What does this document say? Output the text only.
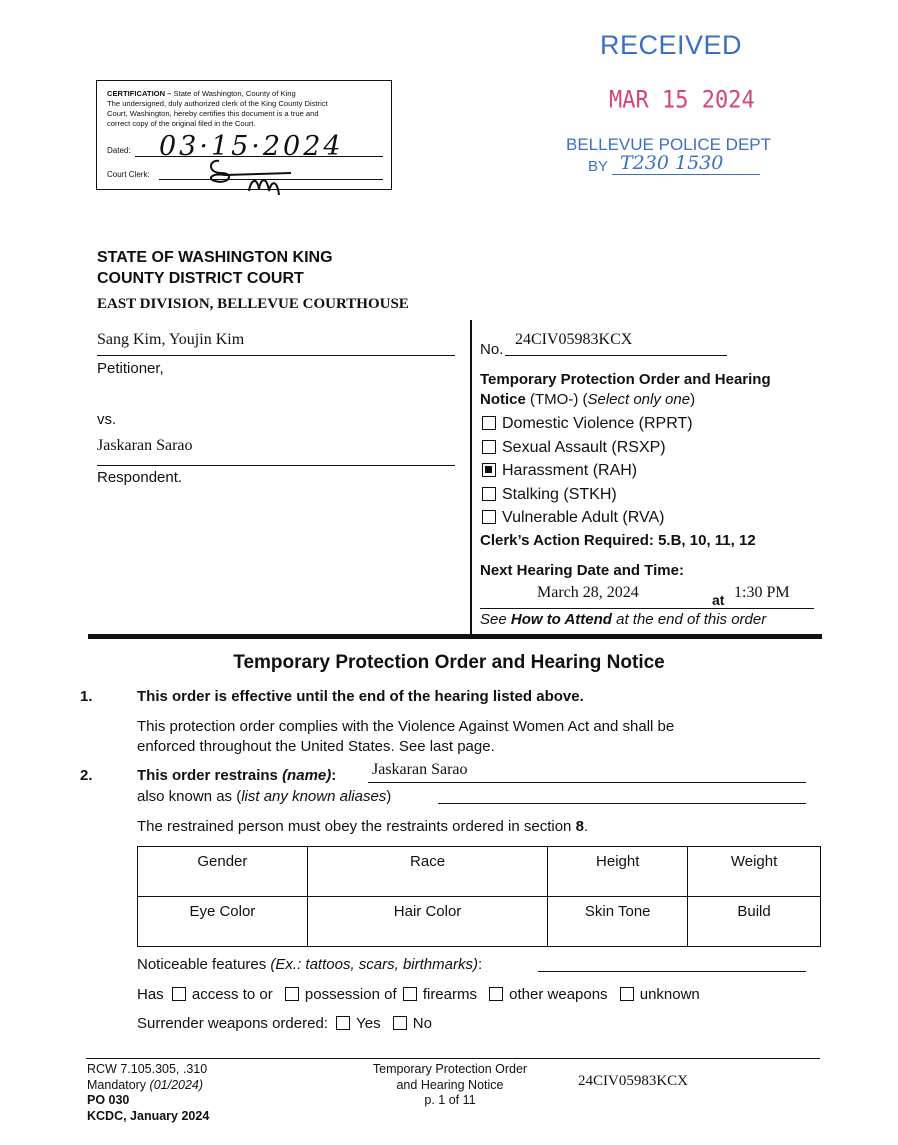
RECEIVED
MAR 15 2024
BELLEVUE POLICE DEPT
BY T230 1530
CERTIFICATION – State of Washington, County of King
The undersigned, duly authorized clerk of the King County District
Court, Washington, hereby certifies this document is a true and
correct copy of the original filed in the Court.
Dated: 03·15·2024
Court Clerk:
STATE OF WASHINGTON KING
COUNTY DISTRICT COURT
EAST DIVISION, BELLEVUE COURTHOUSE
Sang Kim, Youjin Kim
Petitioner,
vs.
Jaskaran Sarao
Respondent.
No.
24CIV05983KCX
Temporary Protection Order and Hearing
Notice (TMO-) (Select only one)
Domestic Violence (RPRT)
Sexual Assault (RSXP)
Harassment (RAH)
Stalking (STKH)
Vulnerable Adult (RVA)
Clerk’s Action Required: 5.B, 10, 11, 12
Next Hearing Date and Time:
March 28, 2024	at 1:30 PM
See How to Attend at the end of this order
Temporary Protection Order and Hearing Notice
1.	This order is effective until the end of the hearing listed above.
This protection order complies with the Violence Against Women Act and shall be
enforced throughout the United States. See last page.
2.	This order restrains (name): Jaskaran Sarao
also known as (list any known aliases)
The restrained person must obey the restraints ordered in section 8.
Gender	Race	Height	Weight
Eye Color	Hair Color	Skin Tone	Build
Noticeable features (Ex.: tattoos, scars, birthmarks):
Has access to or possession of firearms other weapons unknown
Surrender weapons ordered: Yes No
RCW 7.105.305, .310
Mandatory (01/2024)
PO 030
KCDC, January 2024
Temporary Protection Order
and Hearing Notice
p. 1 of 11
24CIV05983KCX
